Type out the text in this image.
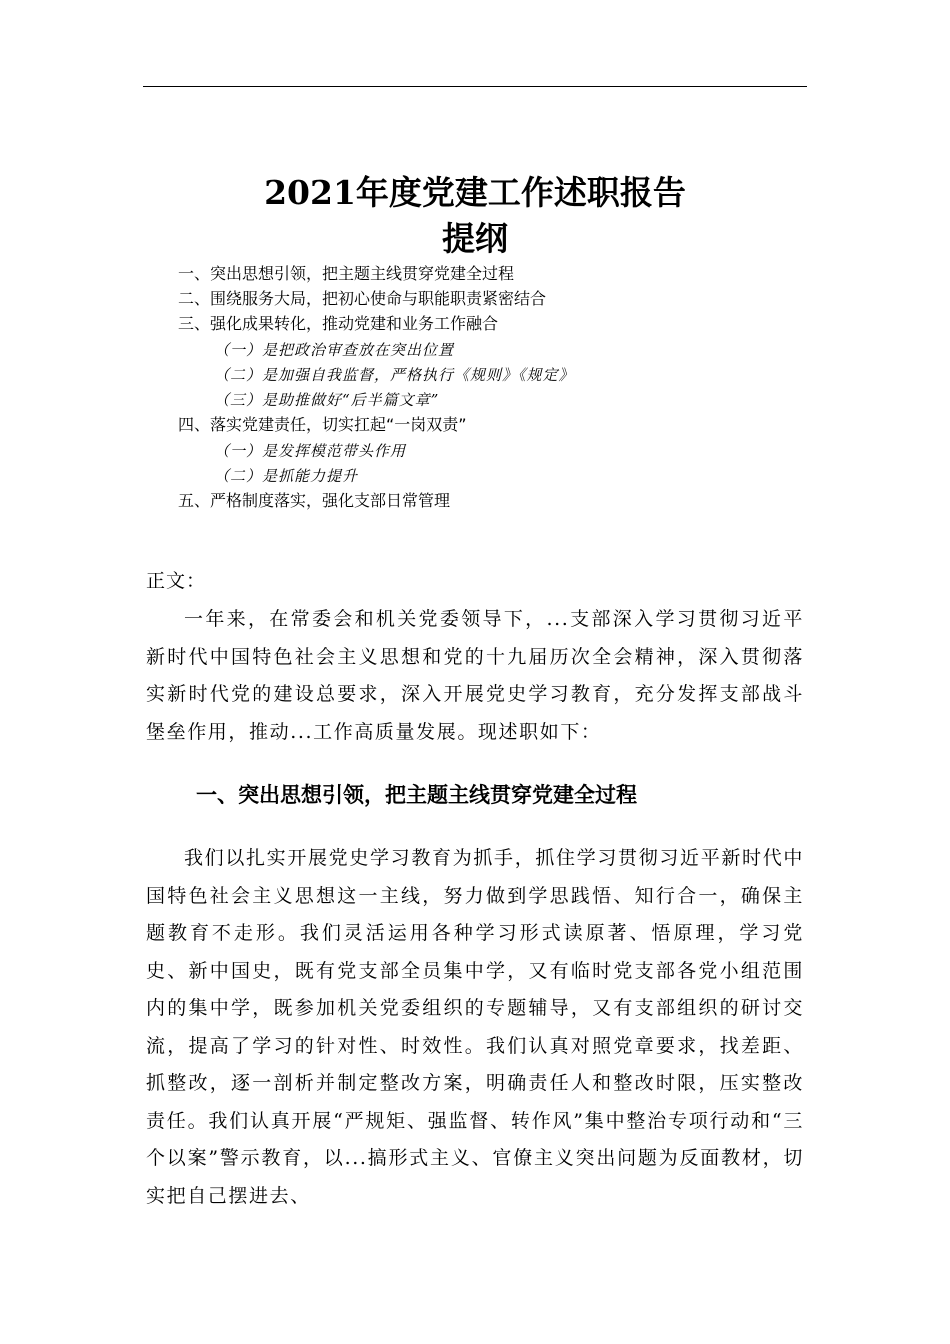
2021年度党建工作述职报告
提纲
一、突出思想引领，把主题主线贯穿党建全过程
二、围绕服务大局，把初心使命与职能职责紧密结合
三、强化成果转化，推动党建和业务工作融合
（一）是把政治审查放在突出位置
（二）是加强自我监督，严格执行《规则》《规定》
（三）是助推做好“后半篇文章”
四、落实党建责任，切实扛起“一岗双责”
（一）是发挥模范带头作用
（二）是抓能力提升
五、严格制度落实，强化支部日常管理
正文：

一年来，在常委会和机关党委领导下，...支部深入学习贯彻习近平新时代中国特色社会主义思想和党的十九届历次全会精神，深入贯彻落实新时代党的建设总要求，深入开展党史学习教育，充分发挥支部战斗堡垒作用，推动...工作高质量发展。现述职如下：

一、突出思想引领，把主题主线贯穿党建全过程

我们以扎实开展党史学习教育为抓手，抓住学习贯彻习近平新时代中国特色社会主义思想这一主线，努力做到学思践悟、知行合一，确保主题教育不走形。我们灵活运用各种学习形式读原著、悟原理，学习党史、新中国史，既有党支部全员集中学，又有临时党支部各党小组范围内的集中学，既参加机关党委组织的专题辅导，又有支部组织的研讨交流，提高了学习的针对性、时效性。我们认真对照党章要求，找差距、抓整改，逐一剖析并制定整改方案，明确责任人和整改时限，压实整改责任。我们认真开展“严规矩、强监督、转作风”集中整治专项行动和“三个以案”警示教育，以...搞形式主义、官僚主义突出问题为反面教材，切实把自己摆进去、
